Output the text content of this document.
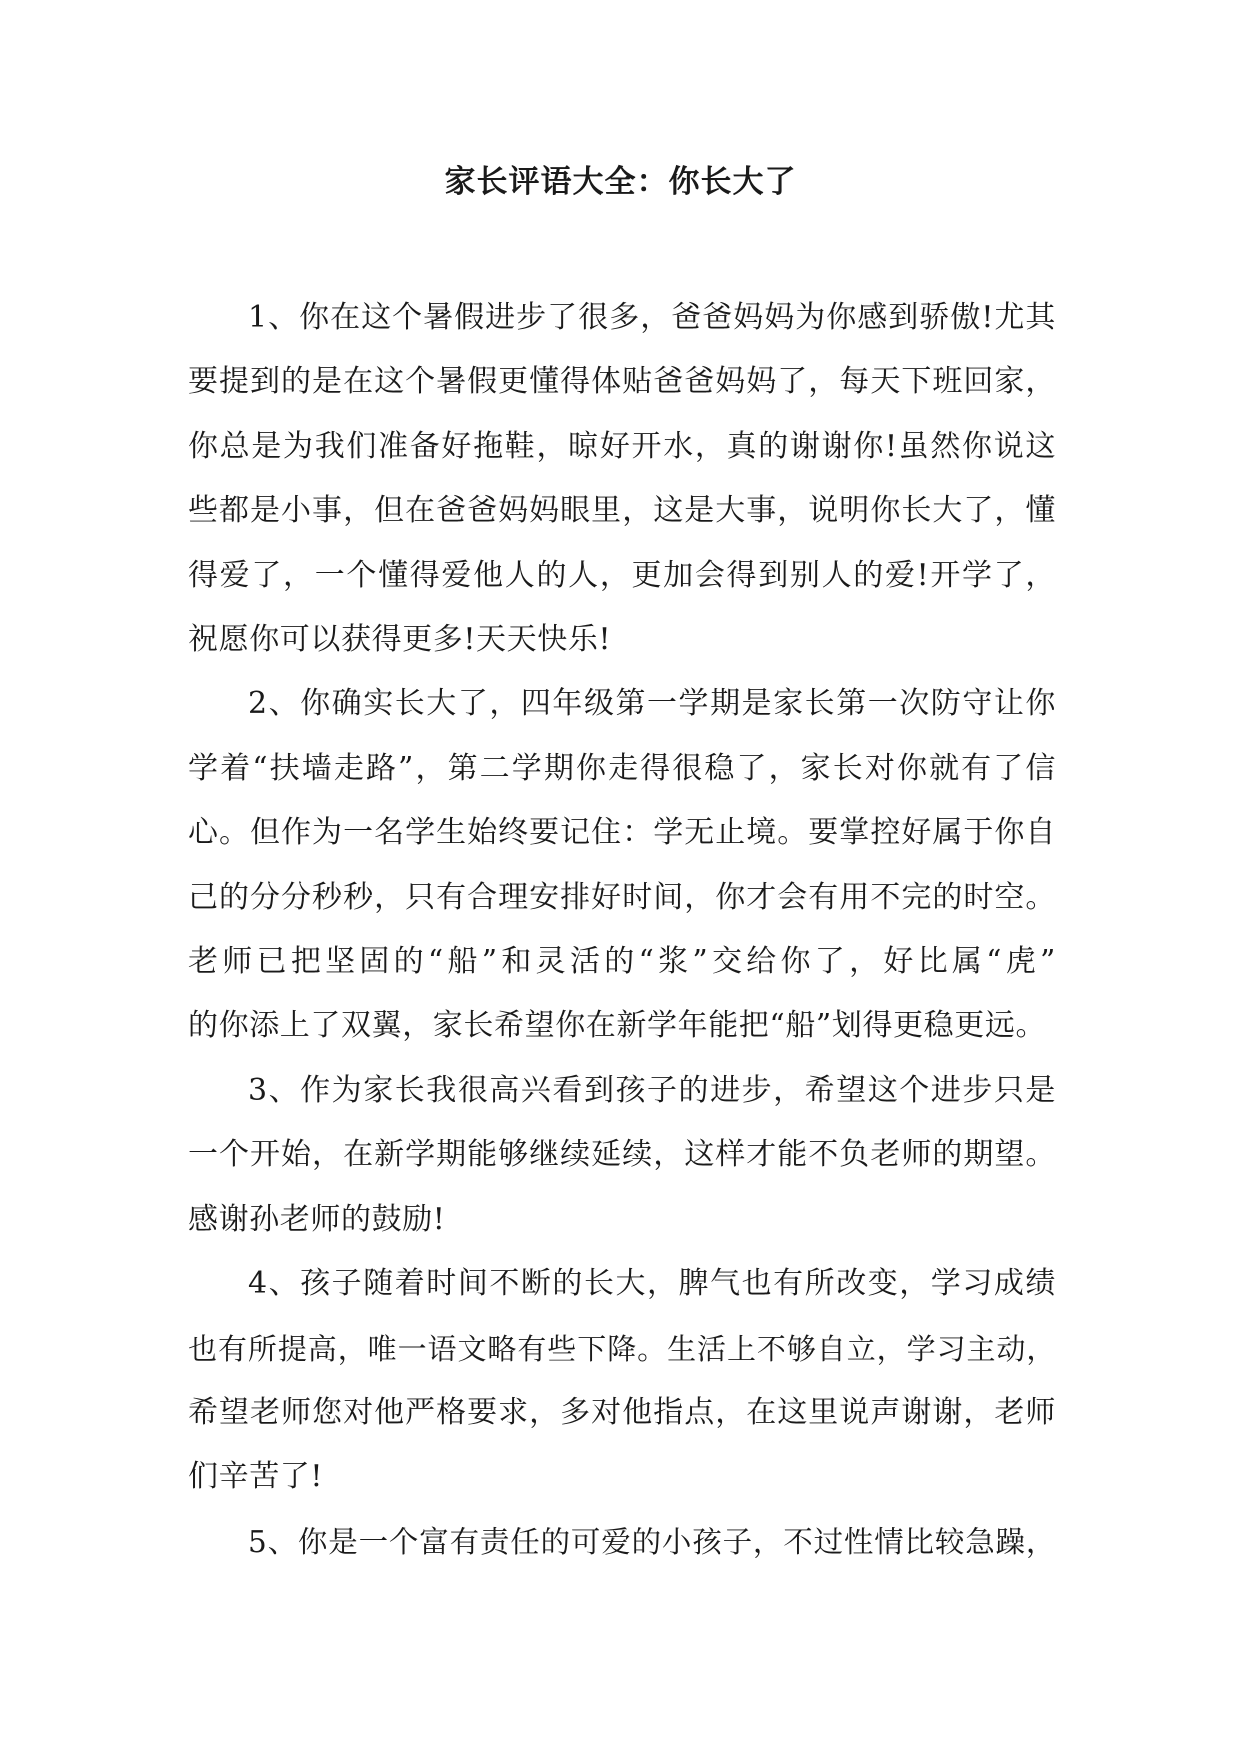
家长评语大全：你长大了

1、你在这个暑假进步了很多，爸爸妈妈为你感到骄傲!尤其
要提到的是在这个暑假更懂得体贴爸爸妈妈了，每天下班回家，
你总是为我们准备好拖鞋，晾好开水，真的谢谢你!虽然你说这
些都是小事，但在爸爸妈妈眼里，这是大事，说明你长大了，懂
得爱了，一个懂得爱他人的人，更加会得到别人的爱!开学了，
祝愿你可以获得更多!天天快乐!

2、你确实长大了，四年级第一学期是家长第一次防守让你
学着“扶墙走路”，第二学期你走得很稳了，家长对你就有了信
心。但作为一名学生始终要记住：学无止境。要掌控好属于你自
己的分分秒秒，只有合理安排好时间，你才会有用不完的时空。
老师已把坚固的“船”和灵活的“浆”交给你了，好比属“虎”
的你添上了双翼，家长希望你在新学年能把“船”划得更稳更远。

3、作为家长我很高兴看到孩子的进步，希望这个进步只是
一个开始，在新学期能够继续延续，这样才能不负老师的期望。
感谢孙老师的鼓励!

4、孩子随着时间不断的长大，脾气也有所改变，学习成绩
也有所提高，唯一语文略有些下降。生活上不够自立，学习主动，
希望老师您对他严格要求，多对他指点，在这里说声谢谢，老师
们辛苦了!

5、你是一个富有责任的可爱的小孩子，不过性情比较急躁，
